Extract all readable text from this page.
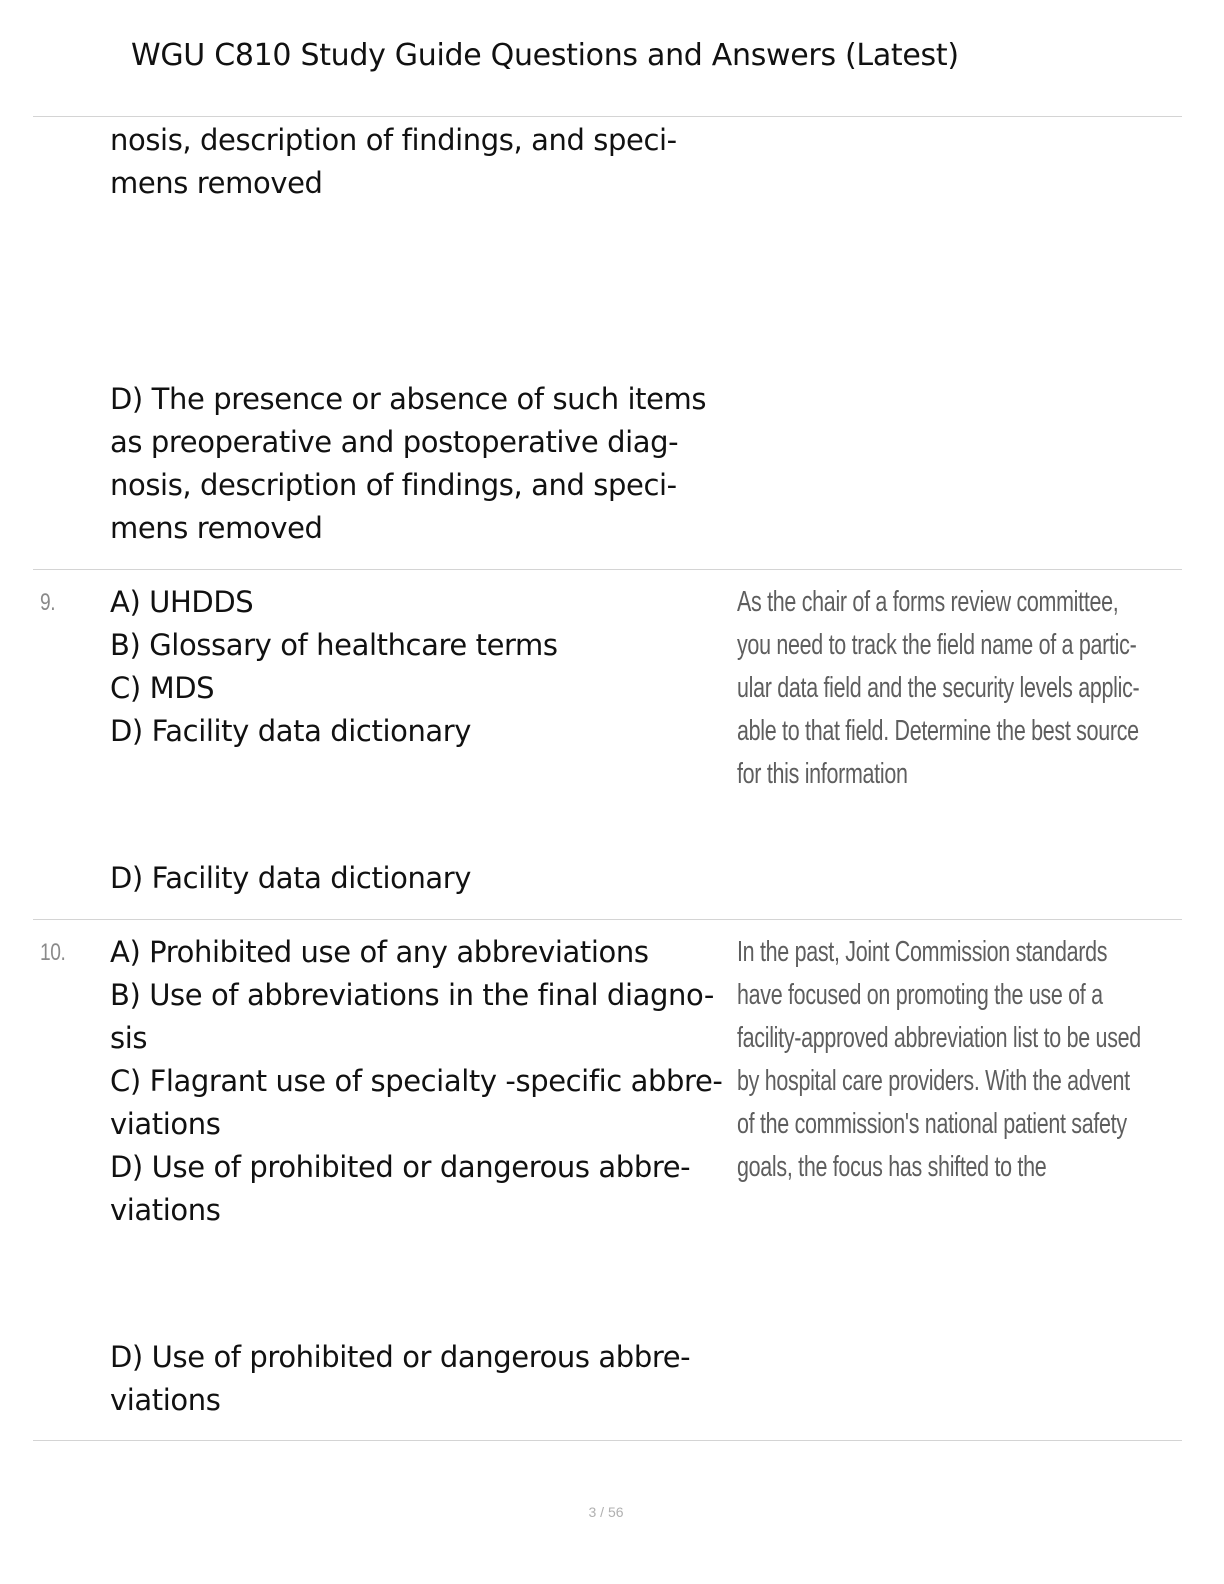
WGU C810 Study Guide Questions and Answers (Latest)
nosis, description of findings, and speci-
mens removed
D) The presence or absence of such items
as preoperative and postoperative diag-
nosis, description of findings, and speci-
mens removed
9. A) UHDDS
B) Glossary of healthcare terms
C) MDS
D) Facility data dictionary
As the chair of a forms review committee,
you need to track the field name of a partic-
ular data field and the security levels applic-
able to that field. Determine the best source
for this information
D) Facility data dictionary
10. A) Prohibited use of any abbreviations
B) Use of abbreviations in the final diagno-
sis
C) Flagrant use of specialty -specific abbre-
viations
D) Use of prohibited or dangerous abbre-
viations
In the past, Joint Commission standards
have focused on promoting the use of a
facility-approved abbreviation list to be used
by hospital care providers. With the advent
of the commission's national patient safety
goals, the focus has shifted to the
D) Use of prohibited or dangerous abbre-
viations
3 / 56
